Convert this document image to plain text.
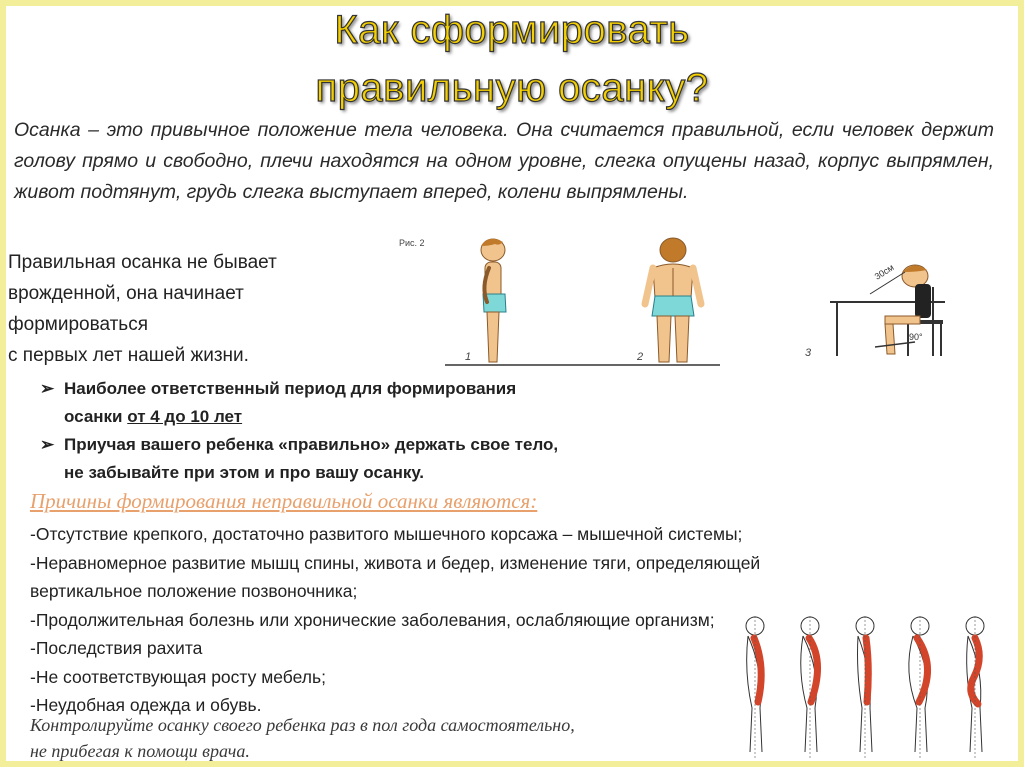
Как сформировать
правильную осанку?
Осанка – это привычное положение тела человека. Она считается правильной, если человек держит голову прямо и свободно, плечи находятся на одном уровне, слегка опущены назад, корпус выпрямлен, живот подтянут, грудь слегка выступает вперед, колени выпрямлены.
Правильная осанка не бывает
врожденной, она начинает
формироваться
с первых лет нашей жизни.
Рис. 2
1	2
30см
90°
3
➢ Наиболее ответственный период для формирования
осанки от 4 до 10 лет
➢ Приучая вашего ребенка «правильно» держать свое тело,
не забывайте при этом и про вашу осанку.
Причины формирования неправильной осанки являются:
-Отсутствие крепкого, достаточно развитого мышечного корсажа – мышечной системы;
-Неравномерное развитие мышц спины, живота и бедер, изменение тяги, определяющей
вертикальное положение позвоночника;
-Продолжительная болезнь или хронические заболевания, ослабляющие организм;
-Последствия рахита
-Не соответствующая росту мебель;
-Неудобная одежда и обувь.
Контролируйте осанку своего ребенка раз в пол года самостоятельно,
не прибегая к помощи врача.
